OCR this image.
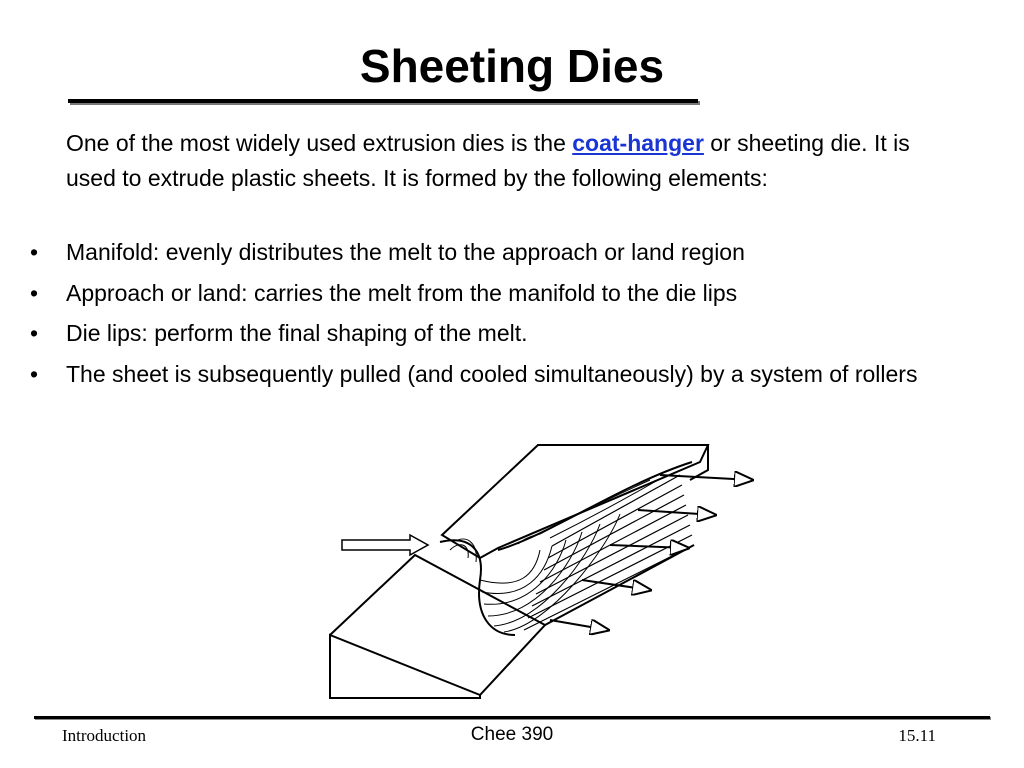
Sheeting Dies

One of the most widely used extrusion dies is the coat-hanger or sheeting die. It is used to extrude plastic sheets. It is formed by the following elements:

• Manifold: evenly distributes the melt to the approach or land region
• Approach or land: carries the melt from the manifold to the die lips
• Die lips: perform the final shaping of the melt.
• The sheet is subsequently pulled (and cooled simultaneously) by a system of rollers
Introduction	Chee 390	15.11
